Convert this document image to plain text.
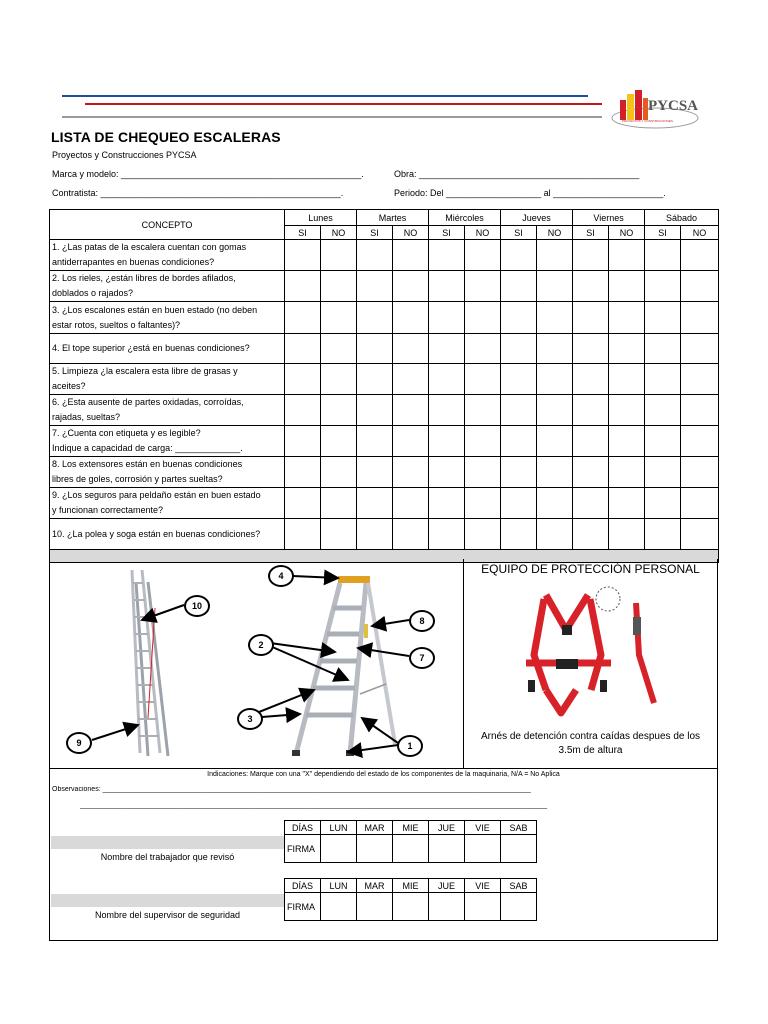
PYCSA
PROYECTOS Y CONSTRUCCIONES
LISTA DE CHEQUEO ESCALERAS
Proyectos y Construcciones PYCSA
Marca y modelo: ________________________________________________.	Obra: ____________________________________________
Contratista: ________________________________________________.	Periodo: Del ___________________ al ______________________.
CONCEPTO	Lunes		Martes		Miércoles		Jueves		Viernes		Sábado	
	SI	NO	SI	NO	SI	NO	SI	NO	SI	NO	SI	NO

1. ¿Las patas de la escalera cuentan con gomas
antiderrapantes en buenas condiciones?												

2. Los rieles, ¿están libres de bordes afilados,
doblados o rajados?												

3. ¿Los escalones están en buen estado (no deben
estar rotos, sueltos o faltantes)?												

4. El tope superior ¿está en buenas condiciones?												

5. Limpieza ¿la escalera esta libre de grasas y
aceites?												

6. ¿Esta ausente de partes oxidadas, corroídas,
rajadas, sueltas?												

7. ¿Cuenta con etiqueta y es legible?
Indique a capacidad de carga: _____________.												

8. Los extensores están en buenas condiciones
libres de goles, corrosión y partes sueltas?												

9. ¿Los seguros para peldaño están en buen estado
y funcionan correctamente?												

10. ¿La polea y soga están en buenas condiciones?												

10
9
4
8
2
7
3
1
EQUIPO DE PROTECCIÓN PERSONAL
Arnés de detención contra caídas despues de los
3.5m de altura
Indicaciones: Marque con una "X" dependiendo del estado de los componentes de la maquinaria, N/A = No Aplica
Observaciones: ______________________________________________________________________________________________________________
________________________________________________________________________________________________________________________
Nombre del trabajador que revisó
DÍAS	LUN	MAR	MIE	JUE	VIE	SAB
FIRMA						
Nombre del supervisor de seguridad
DÍAS	LUN	MAR	MIE	JUE	VIE	SAB
FIRMA						
